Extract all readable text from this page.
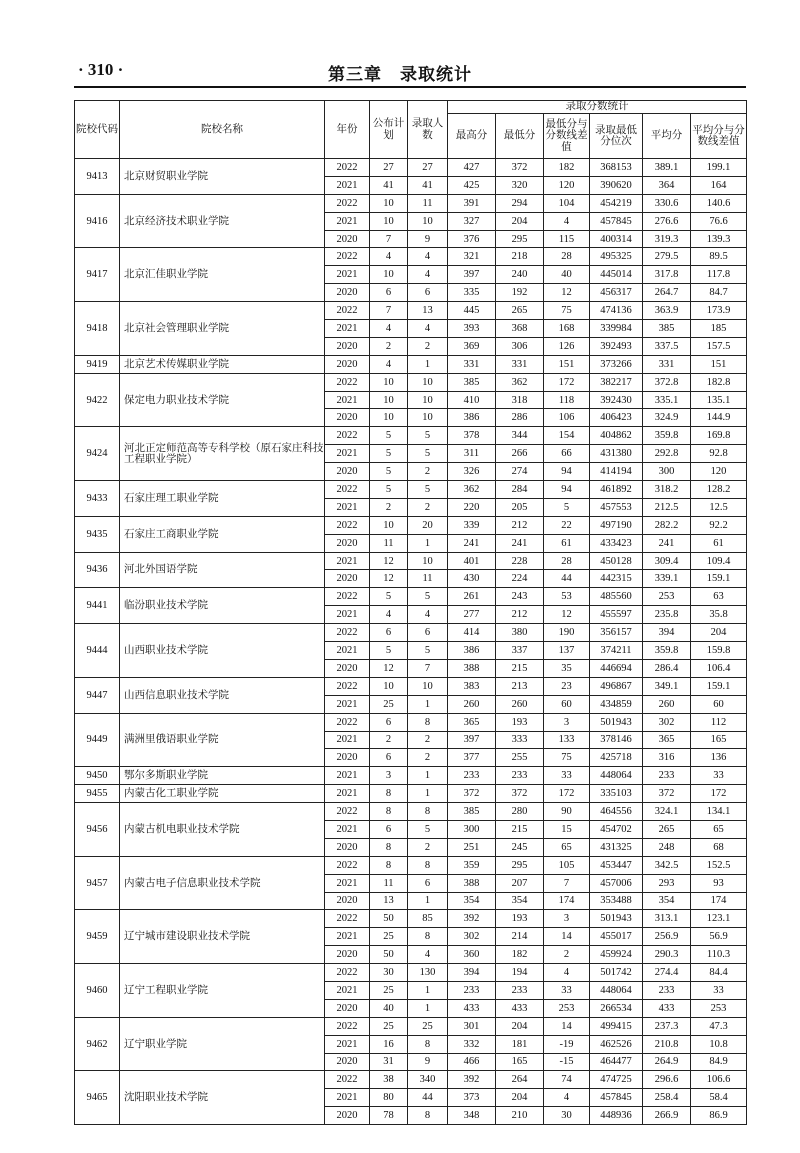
· 310 ·	第三章　录取统计
院校代码	院校名称	年份	公布计划	录取人数	录取分数统计					
					最高分	最低分	最低分与分数线差值	录取最低分位次	平均分	平均分与分数线差值
9413	北京财贸职业学院	2022	27	27	427	372	182	368153	389.1	199.1
		2021	41	41	425	320	120	390620	364	164
9416	北京经济技术职业学院	2022	10	11	391	294	104	454219	330.6	140.6
		2021	10	10	327	204	4	457845	276.6	76.6
		2020	7	9	376	295	115	400314	319.3	139.3
9417	北京汇佳职业学院	2022	4	4	321	218	28	495325	279.5	89.5
		2021	10	4	397	240	40	445014	317.8	117.8
		2020	6	6	335	192	12	456317	264.7	84.7
9418	北京社会管理职业学院	2022	7	13	445	265	75	474136	363.9	173.9
		2021	4	4	393	368	168	339984	385	185
		2020	2	2	369	306	126	392493	337.5	157.5
9419	北京艺术传媒职业学院	2020	4	1	331	331	151	373266	331	151
9422	保定电力职业技术学院	2022	10	10	385	362	172	382217	372.8	182.8
		2021	10	10	410	318	118	392430	335.1	135.1
		2020	10	10	386	286	106	406423	324.9	144.9
9424	河北正定师范高等专科学校（原石家庄科技工程职业学院）	2022	5	5	378	344	154	404862	359.8	169.8
		2021	5	5	311	266	66	431380	292.8	92.8
		2020	5	2	326	274	94	414194	300	120
9433	石家庄理工职业学院	2022	5	5	362	284	94	461892	318.2	128.2
		2021	2	2	220	205	5	457553	212.5	12.5
9435	石家庄工商职业学院	2022	10	20	339	212	22	497190	282.2	92.2
		2020	11	1	241	241	61	433423	241	61
9436	河北外国语学院	2021	12	10	401	228	28	450128	309.4	109.4
		2020	12	11	430	224	44	442315	339.1	159.1
9441	临汾职业技术学院	2022	5	5	261	243	53	485560	253	63
		2021	4	4	277	212	12	455597	235.8	35.8
9444	山西职业技术学院	2022	6	6	414	380	190	356157	394	204
		2021	5	5	386	337	137	374211	359.8	159.8
		2020	12	7	388	215	35	446694	286.4	106.4
9447	山西信息职业技术学院	2022	10	10	383	213	23	496867	349.1	159.1
		2021	25	1	260	260	60	434859	260	60
9449	满洲里俄语职业学院	2022	6	8	365	193	3	501943	302	112
		2021	2	2	397	333	133	378146	365	165
		2020	6	2	377	255	75	425718	316	136
9450	鄂尔多斯职业学院	2021	3	1	233	233	33	448064	233	33
9455	内蒙古化工职业学院	2021	8	1	372	372	172	335103	372	172
9456	内蒙古机电职业技术学院	2022	8	8	385	280	90	464556	324.1	134.1
		2021	6	5	300	215	15	454702	265	65
		2020	8	2	251	245	65	431325	248	68
9457	内蒙古电子信息职业技术学院	2022	8	8	359	295	105	453447	342.5	152.5
		2021	11	6	388	207	7	457006	293	93
		2020	13	1	354	354	174	353488	354	174
9459	辽宁城市建设职业技术学院	2022	50	85	392	193	3	501943	313.1	123.1
		2021	25	8	302	214	14	455017	256.9	56.9
		2020	50	4	360	182	2	459924	290.3	110.3
9460	辽宁工程职业学院	2022	30	130	394	194	4	501742	274.4	84.4
		2021	25	1	233	233	33	448064	233	33
		2020	40	1	433	433	253	266534	433	253
9462	辽宁职业学院	2022	25	25	301	204	14	499415	237.3	47.3
		2021	16	8	332	181	-19	462526	210.8	10.8
		2020	31	9	466	165	-15	464477	264.9	84.9
9465	沈阳职业技术学院	2022	38	340	392	264	74	474725	296.6	106.6
		2021	80	44	373	204	4	457845	258.4	58.4
		2020	78	8	348	210	30	448936	266.9	86.9
